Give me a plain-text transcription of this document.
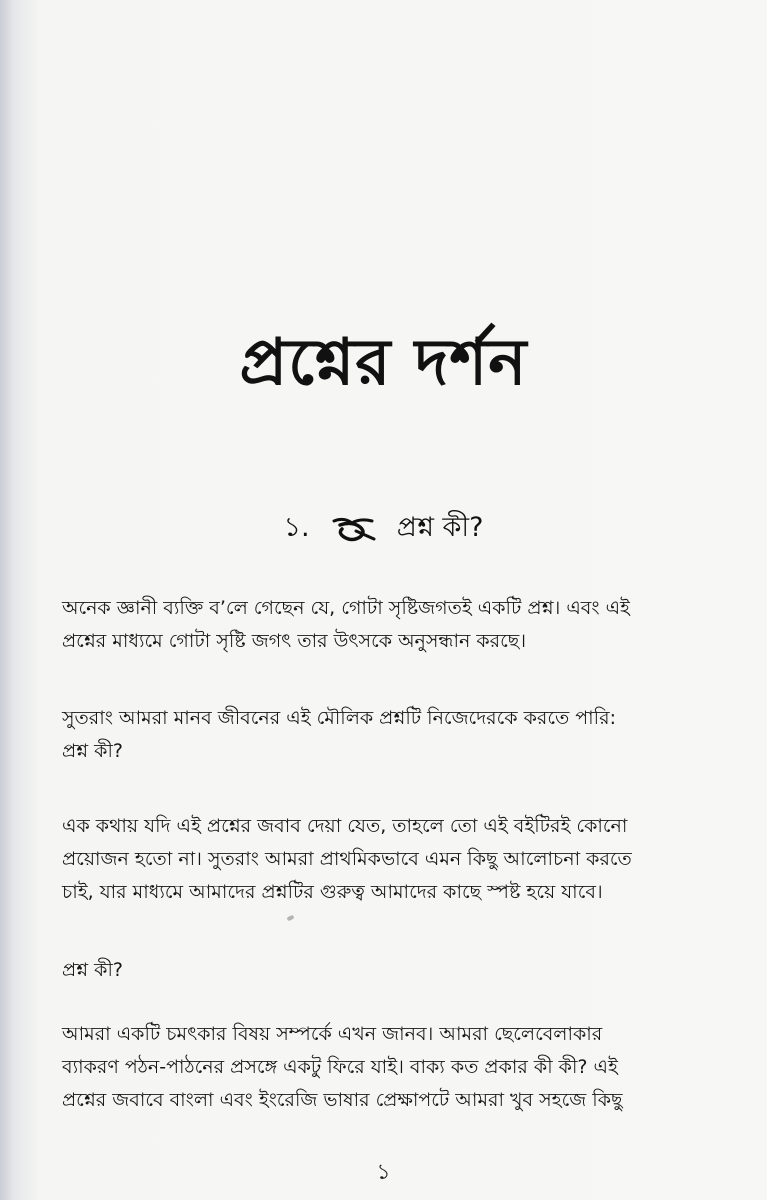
প্রশ্নের দর্শন
১.	প্রশ্ন কী?
অনেক জ্ঞানী ব্যক্তি ব’লে গেছেন যে, গোটা সৃষ্টিজগতই একটি প্রশ্ন। এবং এই
প্রশ্নের মাধ্যমে গোটা সৃষ্টি জগৎ তার উৎসকে অনুসন্ধান করছে।
সুতরাং আমরা মানব জীবনের এই মৌলিক প্রশ্নটি নিজেদেরকে করতে পারি:
প্রশ্ন কী?
এক কথায় যদি এই প্রশ্নের জবাব দেয়া যেত, তাহলে তো এই বইটিরই কোনো
প্রয়োজন হতো না। সুতরাং আমরা প্রাথমিকভাবে এমন কিছু আলোচনা করতে
চাই, যার মাধ্যমে আমাদের প্রশ্নটির গুরুত্ব আমাদের কাছে স্পষ্ট হয়ে যাবে।
প্রশ্ন কী?
আমরা একটি চমৎকার বিষয় সম্পর্কে এখন জানব। আমরা ছেলেবেলাকার
ব্যাকরণ পঠন-পাঠনের প্রসঙ্গে একটু ফিরে যাই। বাক্য কত প্রকার কী কী? এই
প্রশ্নের জবাবে বাংলা এবং ইংরেজি ভাষার প্রেক্ষাপটে আমরা খুব সহজে কিছু
১
